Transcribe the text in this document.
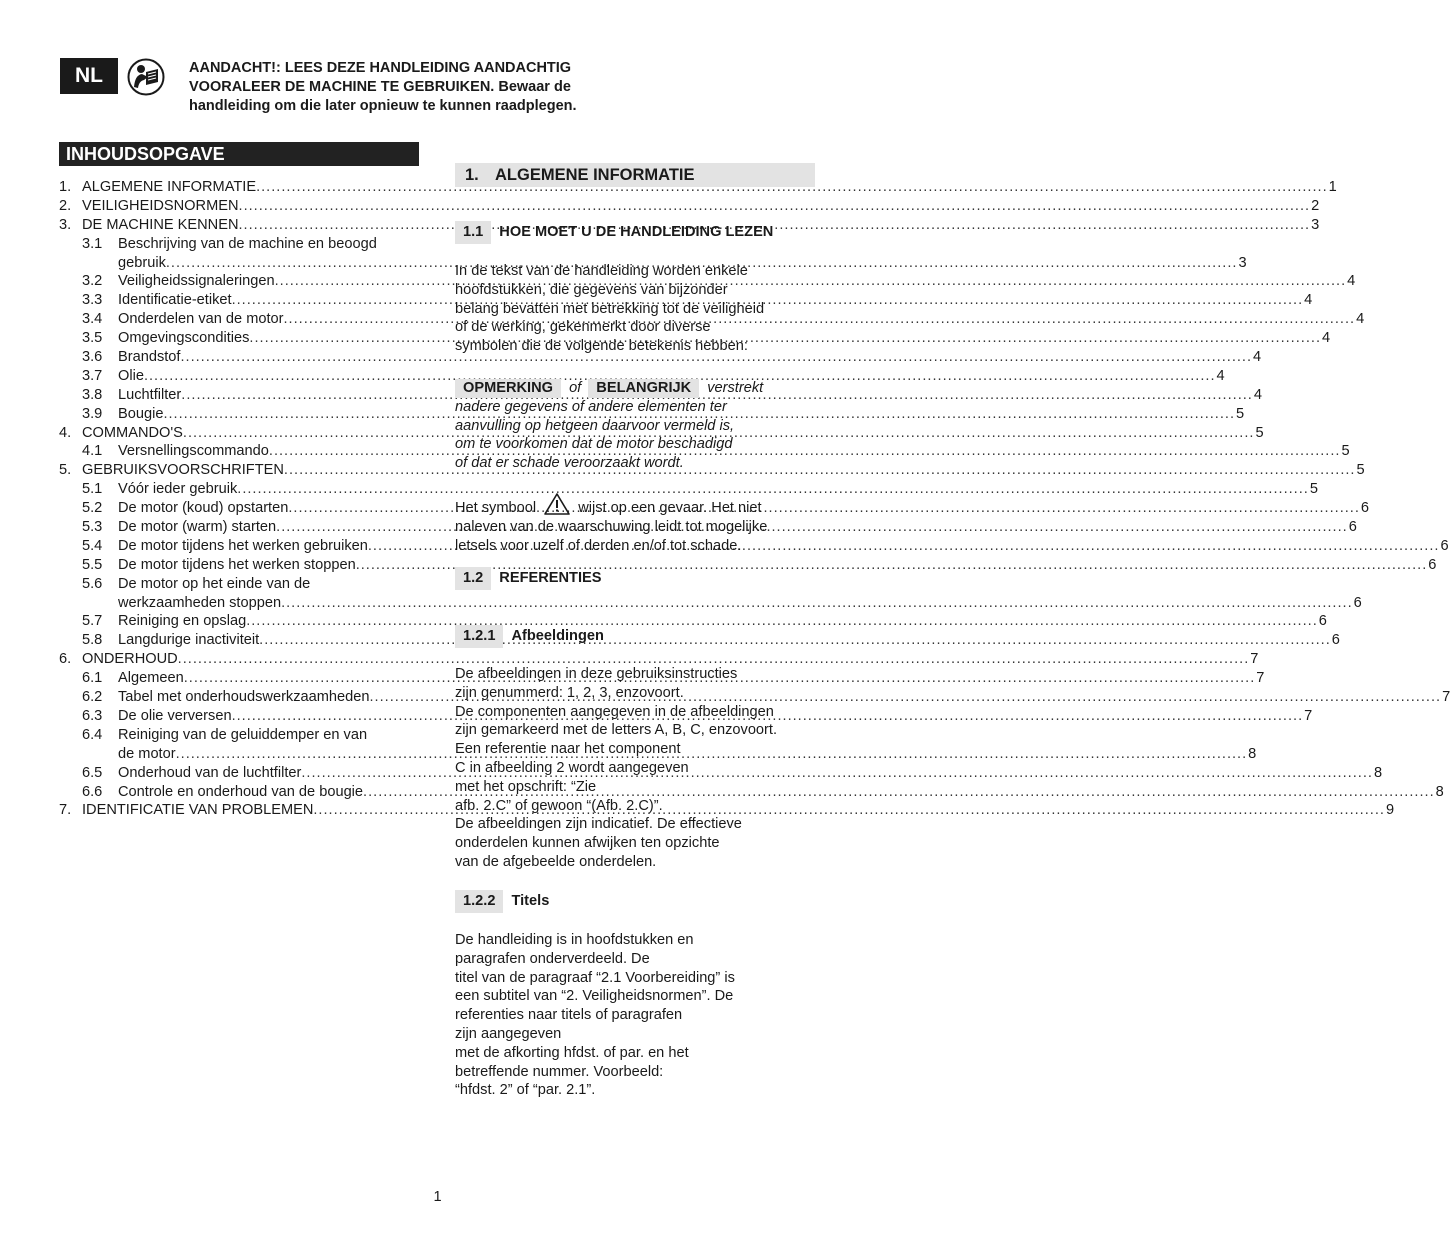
NL	AANDACHT!: LEES DEZE HANDLEIDING AANDACHTIG
VOORALEER DE MACHINE TE GEBRUIKEN. Bewaar de
handleiding om die later opnieuw te kunnen raadplegen.
INHOUDSOPGAVE
1. ALGEMENE INFORMATIE .....	1
2. VEILIGHEIDSNORMEN .....	2
3. DE MACHINE KENNEN .....	3
3.1	Beschrijving van de machine en beoogd
gebruik .....	3
3.2	Veiligheidssignaleringen .....	4
3.3	Identificatie-etiket .....	4
3.4	Onderdelen van de motor .....	4
3.5	Omgevingscondities .....	4
3.6	Brandstof .....	4
3.7	Olie .....	4
3.8	Luchtfilter .....	4
3.9	Bougie .....	5
4. COMMANDO'S .....	5
4.1	Versnellingscommando .....	5
5. GEBRUIKSVOORSCHRIFTEN .....	5
5.1	Vóór ieder gebruik .....	5
5.2	De motor (koud) opstarten .....	6
5.3	De motor (warm) starten .....	6
5.4	De motor tijdens het werken gebruiken .....	6
5.5	De motor tijdens het werken stoppen .....	6
5.6	De motor op het einde van de
werkzaamheden stoppen .....	6
5.7	Reiniging en opslag .....	6
5.8	Langdurige inactiviteit .....	6
6. ONDERHOUD .....	7
6.1	Algemeen .....	7
6.2	Tabel met onderhoudswerkzaamheden .....	7
6.3	De olie verversen .....	7
6.4	Reiniging van de geluiddemper en van
de motor .....	8
6.5	Onderhoud van de luchtfilter .....	8
6.6	Controle en onderhoud van de bougie .....	8
7. IDENTIFICATIE VAN PROBLEMEN .....	9
1. ALGEMENE INFORMATIE
1.1	HOE MOET U DE HANDLEIDING LEZEN
In de tekst van de handleiding worden enkele
hoofdstukken, die gegevens van bijzonder
belang bevatten met betrekking tot de veiligheid
of de werking, gekenmerkt door diverse
symbolen die de volgende betekenis hebben:
OPMERKING of BELANGRIJK verstrekt
nadere gegevens of andere elementen ter
aanvulling op hetgeen daarvoor vermeld is,
om te voorkomen dat de motor beschadigd
of dat er schade veroorzaakt wordt.
Het symbool	wijst op een gevaar. Het niet
naleven van de waarschuwing leidt tot mogelijke
letsels voor uzelf of derden en/of tot schade.
1.2	REFERENTIES
1.2.1	Afbeeldingen
De afbeeldingen in deze gebruiksinstructies
zijn genummerd: 1, 2, 3, enzovoort.
De componenten aangegeven in de afbeeldingen
zijn gemarkeerd met de letters A, B, C, enzovoort.
Een referentie naar het component
C in afbeelding 2 wordt aangegeven
met het opschrift: “Zie
afb. 2.C” of gewoon “(Afb. 2.C)”.
De afbeeldingen zijn indicatief. De effectieve
onderdelen kunnen afwijken ten opzichte
van de afgebeelde onderdelen.
1.2.2	Titels
De handleiding is in hoofdstukken en
paragrafen onderverdeeld. De
titel van de paragraaf “2.1 Voorbereiding” is
een subtitel van “2. Veiligheidsnormen”. De
referenties naar titels of paragrafen
zijn aangegeven
met de afkorting hfdst. of par. en het
betreffende nummer. Voorbeeld:
“hfdst. 2” of “par. 2.1”.
1
